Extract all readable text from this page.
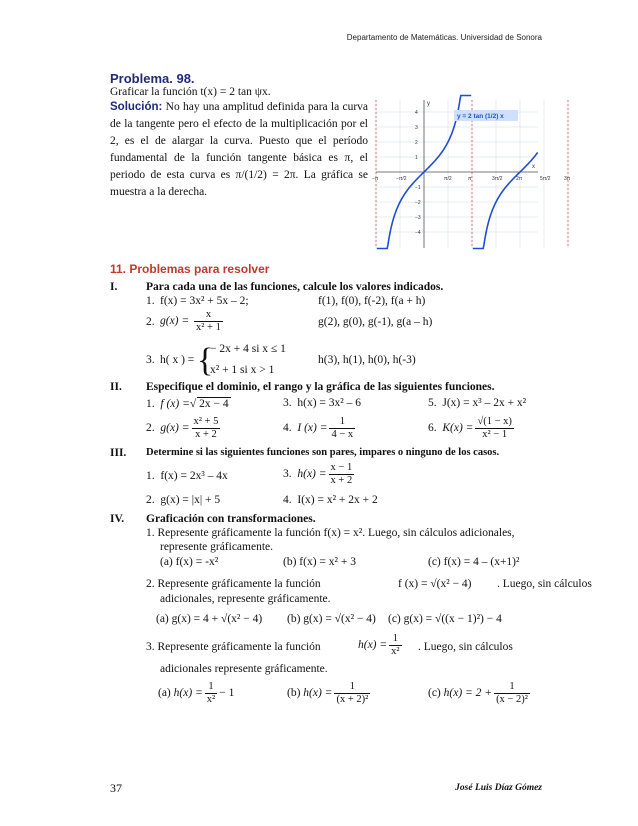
Departamento de Matemáticas. Universidad de Sonora
Problema. 98.
Graficar la función t(x) = 2 tan ψx.
Solución: No hay una amplitud definida para la curva de la tangente pero el efecto de la multiplicación por el 2, es el de alargar la curva. Puesto que el período fundamental de la función tangente básica es π, el periodo de esta curva es π/(1/2) = 2π. La gráfica se muestra a la derecha.
−π	−π/2	π/2	π	3π/2	2π	5π/2	3π
4
3
2
1
−1
−2
−3
−4
y = 2 tan (1/2) x
y
x
11. Problemas para resolver
I. Para cada una de las funciones, calcule los valores indicados.
1. f(x) = 3x² + 5x – 2;	f(1), f(0), f(-2), f(a + h)
2. $g(x) = \frac{x}{\text{x² + 1}}$	g(2), g(0), g(-1), g(a – h)
3. h( x ) = {
− 2x + 4 si x ≤ 1
x² + 1 si x > 1
h(3), h(1), h(0), h(-3)
II. Especifique el dominio, el rango y la gráfica de las siguientes funciones.
1. f (x) =√ 2x − 4	3. h(x) = 3x² – 6	5. J(x) = x³ – 2x + x²
2. $g(x) = \frac{\text{x² + 5}}{x + 2}$	4. I $(x) = \frac{1}{4 - x}$	6. $K(x) = \frac{√(1 - x)}{\text{x² − 1}}$
III. Determine si las siguientes funciones son pares, impares o ninguno de los casos.
1. f(x) = 2x³ – 4x	3. $h(x) = \frac{x - 1}{x + 2}$
2. g(x) = |x| + 5	4. I(x) = x² + 2x + 2
IV. Graficación con transformaciones.
1. Represente gráficamente la función f(x) = x². Luego, sin cálculos adicionales,
represente gráficamente.
(a) f(x) = -x²	(b) f(x) = x² + 3	(c) f(x) = 4 – (x+1)²
2. Represente gráficamente la función	f (x) = √(x² − 4) . Luego, sin cálculos
adicionales, represente gráficamente.
(a) g(x) = 4 + √(x² − 4) (b) g(x) = √(x² − 4) (c) g(x) = √((x − 1)²) − 4
3. Represente gráficamente la función	$h(x) = \frac{1}{\text{x²}}$ . Luego, sin cálculos
adicionales represente gráficamente.
(a) $h(x) = \frac{1}{\text{x²}} - 1$	(b) $h(x) = \frac{1}{\text{(x + 2)²}}$	(c) $h(x) = 2 + \frac{1}{\text{(x − 2)²}}$
37	José Luis Díaz Gómez
